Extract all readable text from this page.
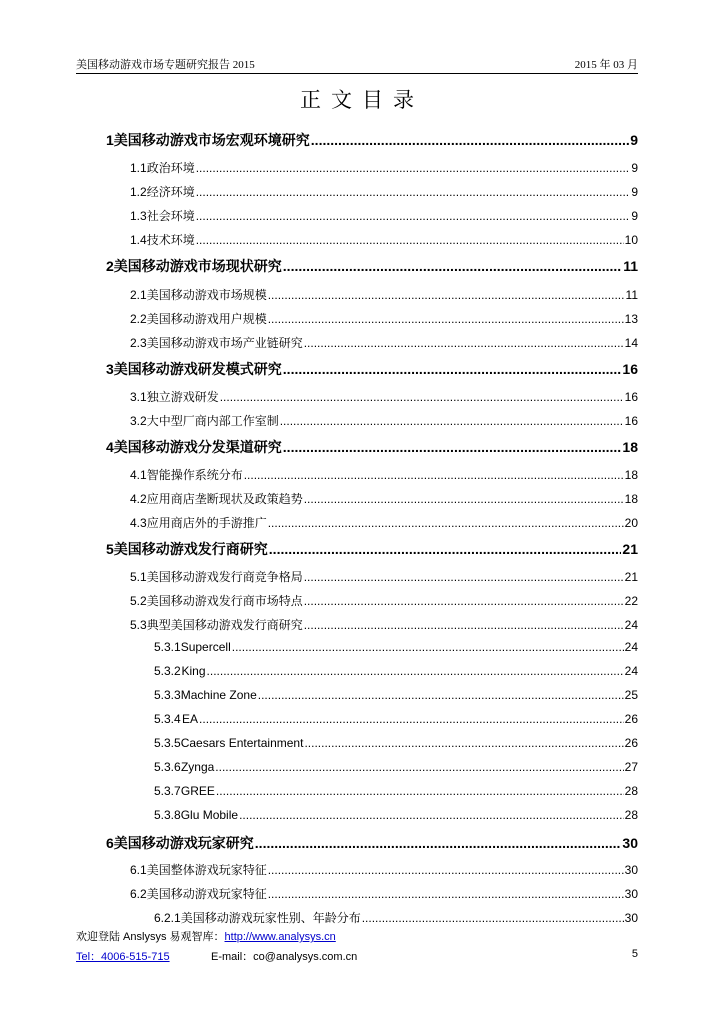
美国移动游戏市场专题研究报告 2015	2015 年 03 月
正文目录
1 美国移动游戏市场宏观环境研究 .....	9
1.1 政治环境 .....	9
1.2 经济环境 .....	9
1.3 社会环境 .....	9
1.4 技术环境 .....	10
2 美国移动游戏市场现状研究 .....	11
2.1 美国移动游戏市场规模 .....	11
2.2 美国移动游戏用户规模 .....	13
2.3 美国移动游戏市场产业链研究 .....	14
3 美国移动游戏研发模式研究 .....	16
3.1 独立游戏研发 .....	16
3.2 大中型厂商内部工作室制 .....	16
4 美国移动游戏分发渠道研究 .....	18
4.1 智能操作系统分布 .....	18
4.2 应用商店垄断现状及政策趋势 .....	18
4.3 应用商店外的手游推广 .....	20
5 美国移动游戏发行商研究 .....	21
5.1 美国移动游戏发行商竞争格局 .....	21
5.2 美国移动游戏发行商市场特点 .....	22
5.3 典型美国移动游戏发行商研究 .....	24
5.3.1 Supercell .....	24
5.3.2 King .....	24
5.3.3 Machine Zone .....	25
5.3.4 EA .....	26
5.3.5 Caesars Entertainment .....	26
5.3.6 Zynga .....	27
5.3.7 GREE .....	28
5.3.8 Glu Mobile .....	28
6 美国移动游戏玩家研究 .....	30
6.1 美国整体游戏玩家特征 .....	30
6.2 美国移动游戏玩家特征 .....	30
6.2.1 美国移动游戏玩家性别、年龄分布 .....	30
欢迎登陆 Anslysys 易观智库：http://www.analysys.cn
Tel：4006-515-715	E-mail：co@analysys.com.cn	5
